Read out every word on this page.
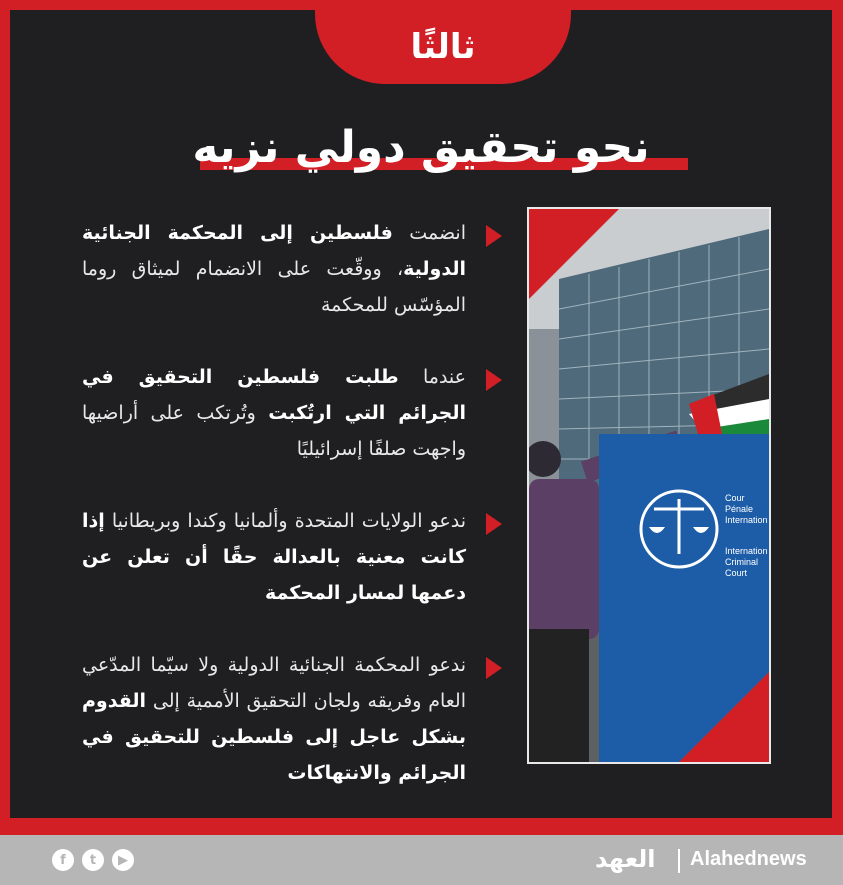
ثالثًا
نحو تحقيق دولي نزيه

انضمت فلسطين إلى المحكمة الجنائية الدولية، ووقّعت على الانضمام لميثاق روما المؤسّس للمحكمة

عندما طلبت فلسطين التحقيق في الجرائم التي ارتُكبت وتُرتكب على أراضيها واجهت صلفًا إسرائيليًا

ندعو الولايات المتحدة وألمانيا وكندا وبريطانيا إذا كانت معنية بالعدالة حقًا أن تعلن عن دعمها لمسار المحكمة

ندعو المحكمة الجنائية الدولية ولا سيّما المدّعي العام وفريقه ولجان التحقيق الأممية إلى القدوم بشكل عاجل إلى فلسطين للتحقيق في الجرائم والانتهاكات

Cour
Pénale
Internation
Internation
Criminal
Court
f	t	▶	العهد Alahednews
